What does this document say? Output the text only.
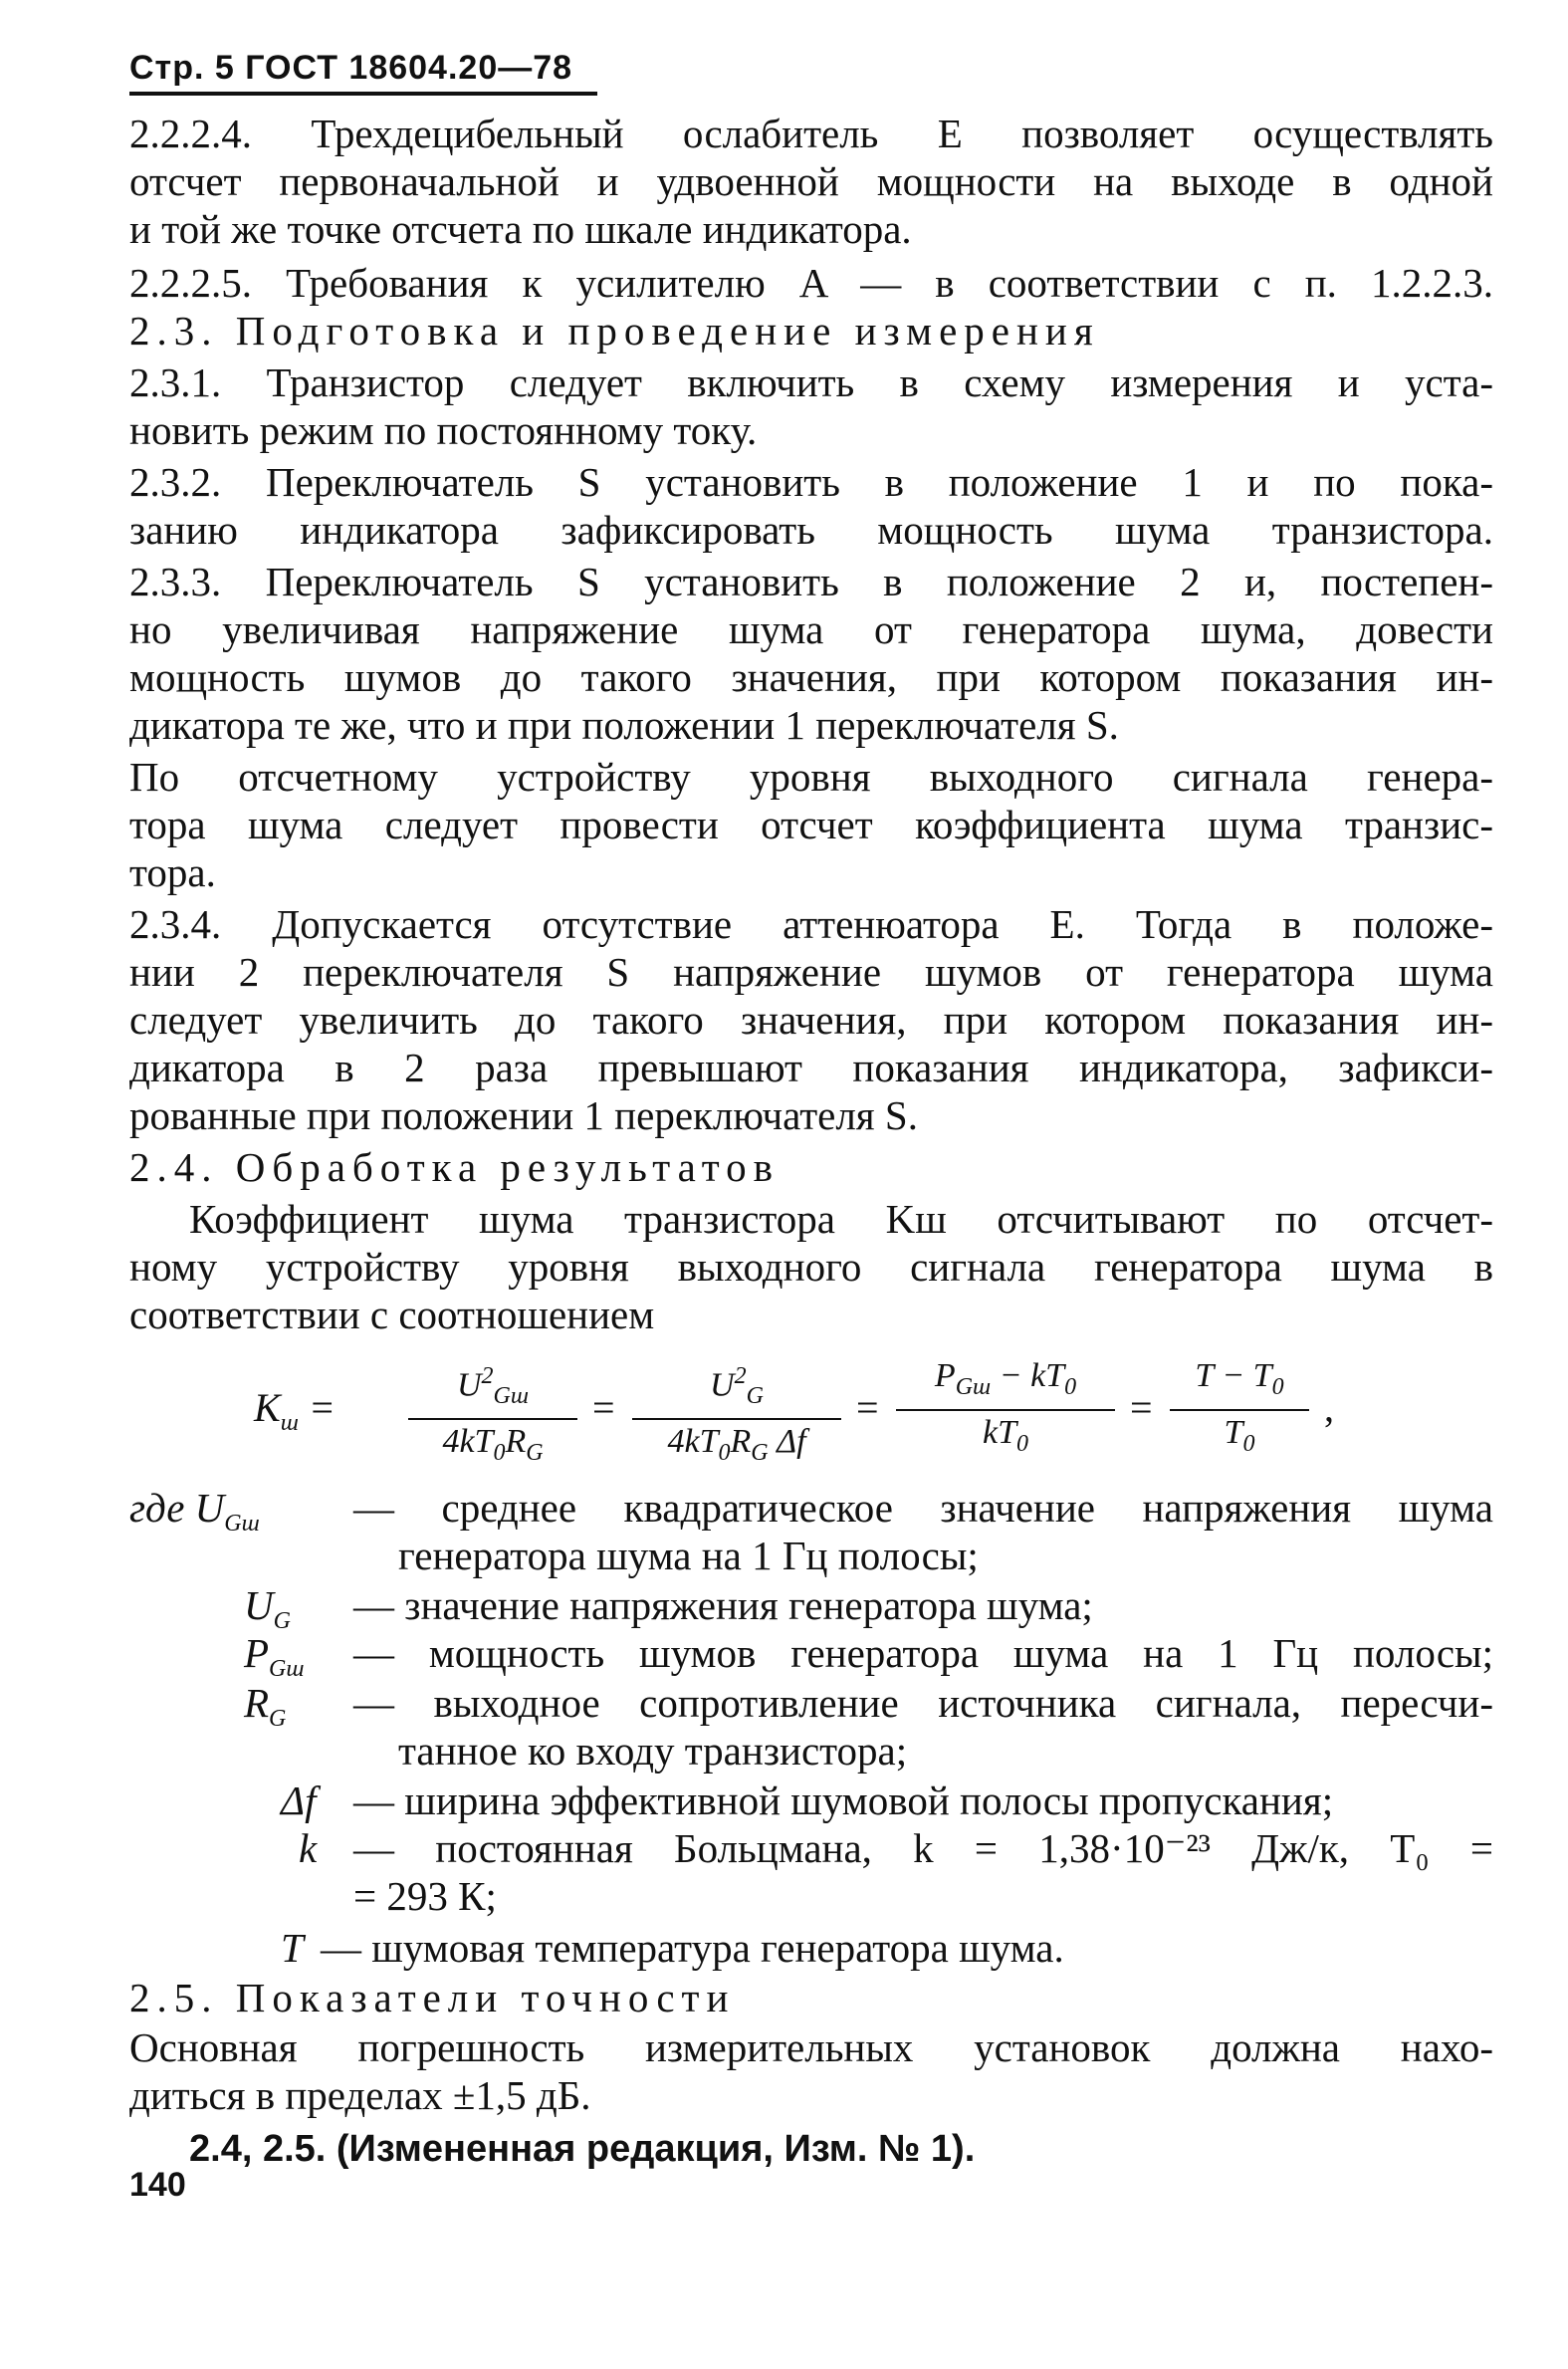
Стр. 5 ГОСТ 18604.20—78
2.2.2.4. Трехдецибельный ослабитель E позволяет осуществлять
отсчет первоначальной и удвоенной мощности на выходе в одной
и той же точке отсчета по шкале индикатора.
2.2.2.5. Требования к усилителю A — в соответствии с п. 1.2.2.3.
2.3. Подготовка и проведение измерения
2.3.1. Транзистор следует включить в схему измерения и уста-
новить режим по постоянному току.
2.3.2. Переключатель S установить в положение 1 и по пока-
занию индикатора зафиксировать мощность шума транзистора.
2.3.3. Переключатель S установить в положение 2 и, постепен-
но увеличивая напряжение шума от генератора шума, довести
мощность шумов до такого значения, при котором показания ин-
дикатора те же, что и при положении 1 переключателя S.
По отсчетному устройству уровня выходного сигнала генера-
тора шума следует провести отсчет коэффициента шума транзис-
тора.
2.3.4. Допускается отсутствие аттенюатора E. Тогда в положе-
нии 2 переключателя S напряжение шумов от генератора шума
следует увеличить до такого значения, при котором показания ин-
дикатора в 2 раза превышают показания индикатора, зафикси-
рованные при положении 1 переключателя S.
2.4. Обработка результатов
Коэффициент шума транзистора Kш отсчитывают по отсчет-
ному устройству уровня выходного сигнала генератора шума в
соответствии с соотношением
$K_ш$ =
$U^2_{Gш}$
$4kT_0R_G$
=
$U^2_G$
$4kT_0R_G$ Δf
=
$P_{Gш} - kT_0$
$kT_0$
=
$T - T_0$
$T_0$
,
где $U_{Gш}$ — среднее квадратическое значение напряжения шума
генератора шума на 1 Гц полосы;
$U_G$ — значение напряжения генератора шума;
$P_{Gш}$ — мощность шумов генератора шума на 1 Гц полосы;
$R_G$ — выходное сопротивление источника сигнала, пересчи-
танное ко входу транзистора;
Δf — ширина эффективной шумовой полосы пропускания;
k — постоянная Больцмана, k = 1,38·10⁻²³ Дж/к, T₀ =
= 293 К;
T — шумовая температура генератора шума.
2.5. Показатели точности
Основная погрешность измерительных установок должна нахо-
диться в пределах ±1,5 дБ.
2.4, 2.5. (Измененная редакция, Изм. № 1).
140
